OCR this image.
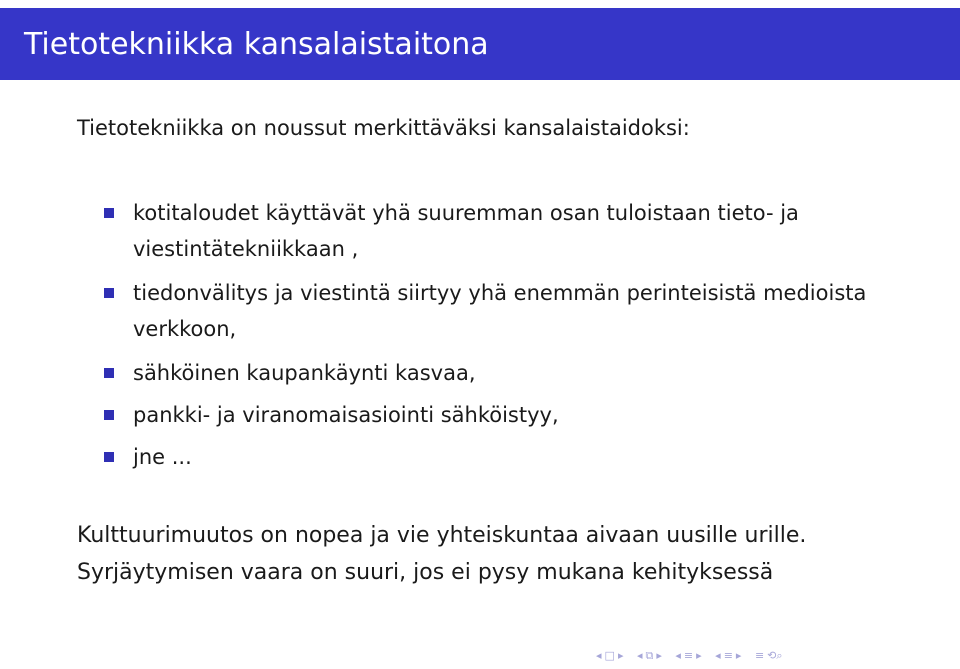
Tietotekniikka kansalaistaitona

Tietotekniikka on noussut merkittäväksi kansalaistaidoksi:

kotitaloudet käyttävät yhä suuremman osan tuloistaan tieto- ja viestintätekniikkaan ,
tiedonvälitys ja viestintä siirtyy yhä enemmän perinteisistä medioista verkkoon,
sähköinen kaupankäynti kasvaa,
pankki- ja viranomaisasiointi sähköistyy,
jne ...

Kulttuurimuutos on nopea ja vie yhteiskuntaa aivaan uusille urille.
Syrjäytymisen vaara on suuri, jos ei pysy mukana kehityksessä

◂ □ ▸ ◂ ⧉ ▸ ◂ ≡ ▸ ◂ ≡ ▸ ≡ ⟲⌕
